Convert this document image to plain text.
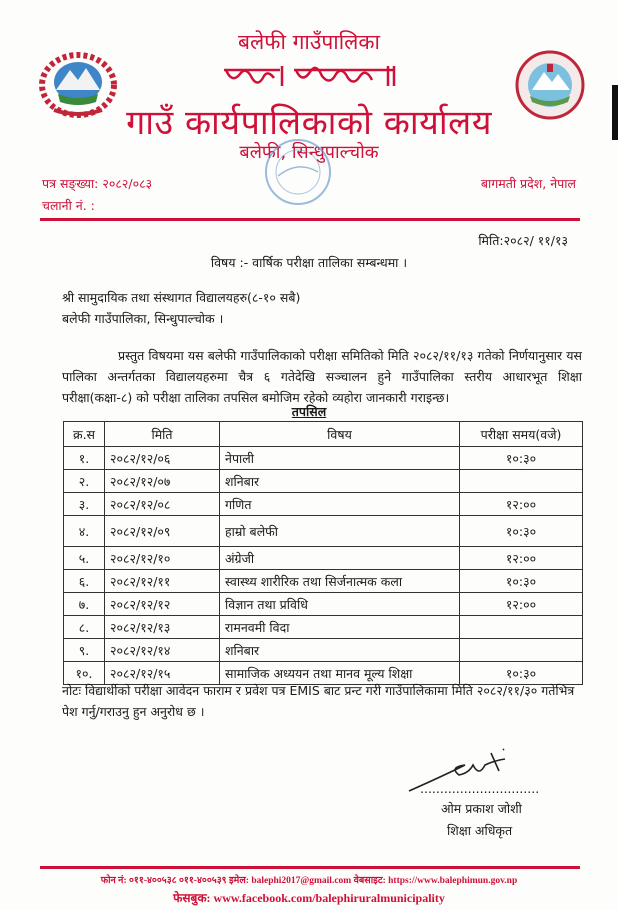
बलेफी गाउँपालिका
गाउँ कार्यपालिकाको कार्यालय
बलेफी, सिन्धुपाल्चोक
पत्र सङ्ख्या: २०८२/०८३
चलानी नं. :
बागमती प्रदेश, नेपाल
मिति:२०८२/ ११/१३
विषय :- वार्षिक परीक्षा तालिका सम्बन्धमा ।
श्री सामुदायिक तथा संस्थागत विद्यालयहरु(८-१० सबै)
बलेफी गाउँपालिका, सिन्धुपाल्चोक ।
प्रस्तुत विषयमा यस बलेफी गाउँपालिकाको परीक्षा समितिको मिति २०८२/११/१३ गतेको निर्णयानुसार यस पालिका अन्तर्गतका विद्यालयहरुमा चैत्र ६ गतेदेखि सञ्चालन हुने गाउँपालिका स्तरीय आधारभूत शिक्षा परीक्षा(कक्षा-८) को परीक्षा तालिका तपसिल बमोजिम रहेको व्यहोरा जानकारी गराइन्छ।
तपसिल
क्र.स	मिति	विषय	परीक्षा समय(वजे)
१.	२०८२/१२/०६	नेपाली	१०:३०
२.	२०८२/१२/०७	शनिबार	
३.	२०८२/१२/०८	गणित	१२:००
४.	२०८२/१२/०९	हाम्रो बलेफी	१०:३०
५.	२०८२/१२/१०	अंग्रेजी	१२:००
६.	२०८२/१२/११	स्वास्थ्य शारीरिक तथा सिर्जनात्मक कला	१०:३०
७.	२०८२/१२/१२	विज्ञान तथा प्रविधि	१२:००
८.	२०८२/१२/१३	रामनवमी विदा	
९.	२०८२/१२/१४	शनिबार	
१०.	२०८२/१२/१५	सामाजिक अध्ययन तथा मानव मूल्य शिक्षा	१०:३०
नोटः विद्यार्थीको परीक्षा आवेदन फाराम र प्रवेश पत्र EMIS बाट प्रन्ट गरी गाउँपालिकामा मिति २०८२/११/३० गतेभित्र पेश गर्नु/गराउनु हुन अनुरोध छ ।
..............................
ओम प्रकाश जोशी
शिक्षा अधिकृत
फोन नं: ०११-४००५३८ ०११-४००५३९ इमेल: balephi2017@gmail.com वेबसाइट: https://www.balephimun.gov.np
फेसबुक: www.facebook.com/balephiruralmunicipality
